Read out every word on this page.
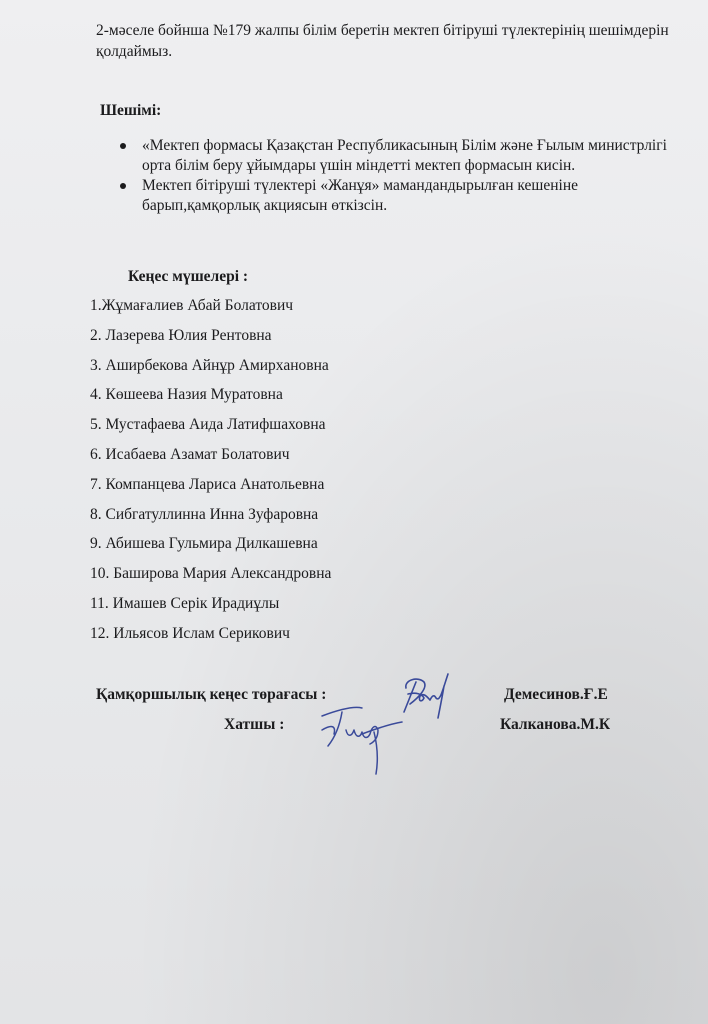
2-мәселе бойнша №179 жалпы білім беретін мектеп бітіруші түлектерінің шешімдерін қолдаймыз.
Шешімі:
«Мектеп формасы Қазақстан Республикасының Білім және Ғылым министрлігі орта білім беру ұйымдары үшін міндетті мектеп формасын кисін.
Мектеп бітіруші түлектері «Жанұя» мамандандырылған кешеніне барып,қамқорлық акциясын өткізсін.
Кеңес мүшелері :
1.Жұмағалиев Абай Болатович
2. Лазерева Юлия Рентовна
3. Аширбекова Айнұр Амирхановна
4. Көшеева Назия Муратовна
5. Мустафаева Аида Латифшаховна
6. Исабаева Азамат Болатович
7. Компанцева Лариса Анатольевна
8. Сибгатуллинна Инна Зуфаровна
9. Абишева Гульмира Дилкашевна
10. Баширова Мария Александровна
11. Имашев Серік Ирадиұлы
12. Ильясов Ислам Серикович
Қамқоршылық кеңес төрағасы :	Демесинов.Ғ.Е
Хатшы :	Калканова.М.К
